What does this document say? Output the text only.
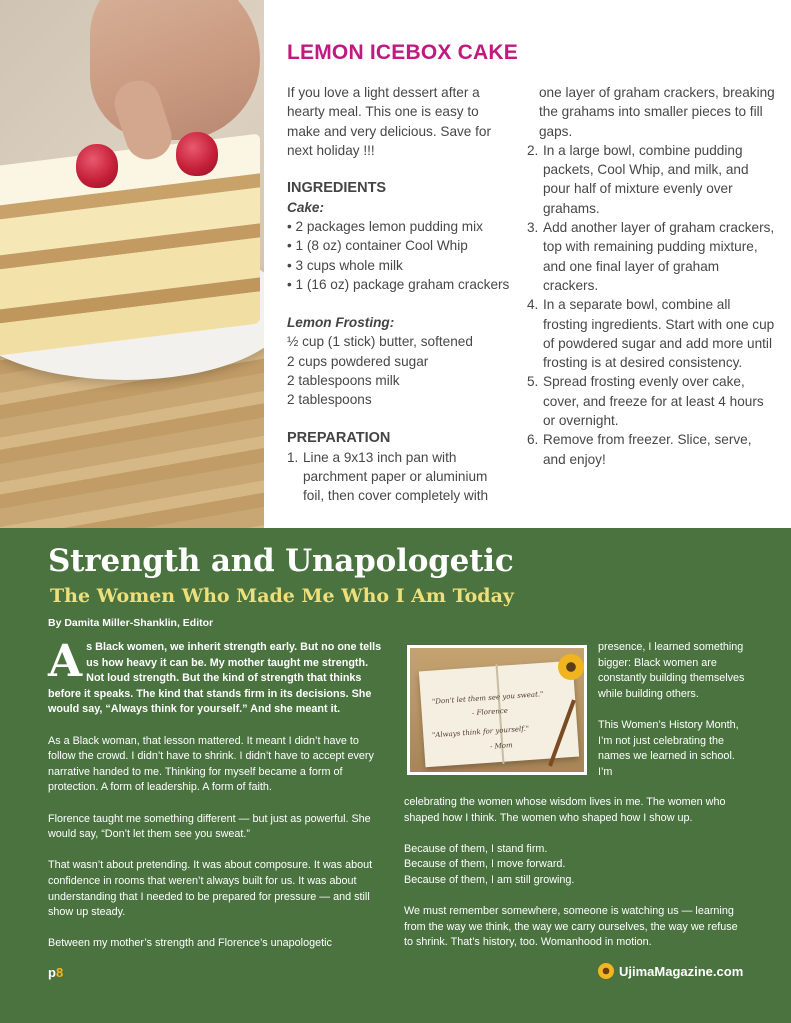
LEMON ICEBOX CAKE

If you love a light dessert after a hearty meal. This one is easy to make and very delicious. Save for next holiday !!!

INGREDIENTS
Cake:
• 2 packages lemon pudding mix
• 1 (8 oz) container Cool Whip
• 3 cups whole milk
• 1 (16 oz) package graham crackers
Lemon Frosting:
½ cup (1 stick) butter, softened
2 cups powdered sugar
2 tablespoons milk
2 tablespoons
PREPARATION
1. Line a 9x13 inch pan with parchment paper or aluminium foil, then cover completely with
one layer of graham crackers, breaking the grahams into smaller pieces to fill gaps.
2. In a large bowl, combine pudding packets, Cool Whip, and milk, and pour half of mixture evenly over grahams.
3. Add another layer of graham crackers, top with remaining pudding mixture, and one final layer of graham crackers.
4. In a separate bowl, combine all frosting ingredients. Start with one cup of powdered sugar and add more until frosting is at desired consistency.
5. Spread frosting evenly over cake, cover, and freeze for at least 4 hours or overnight.
6. Remove from freezer. Slice, serve, and enjoy!
Strength and Unapologetic
The Women Who Made Me Who I Am Today
By Damita Miller-Shanklin, Editor

As Black women, we inherit strength early. But no one tells us how heavy it can be. My mother taught me strength. Not loud strength. But the kind of strength that thinks before it speaks. The kind that stands firm in its decisions. She would say, “Always think for yourself.” And she meant it.

As a Black woman, that lesson mattered. It meant I didn’t have to follow the crowd. I didn’t have to shrink. I didn’t have to accept every narrative handed to me. Thinking for myself became a form of protection. A form of leadership. A form of faith.

Florence taught me something different — but just as powerful. She would say, “Don’t let them see you sweat.”

That wasn’t about pretending. It was about composure. It was about confidence in rooms that weren’t always built for us. It was about understanding that I needed to be prepared for pressure — and still show up steady.

Between my mother’s strength and Florence’s unapologetic

"Don't let them see you sweat."
- Florence
"Always think for yourself."
- Mom

presence, I learned something bigger: Black women are constantly building themselves while building others.

This Women’s History Month, I’m not just celebrating the names we learned in school. I’m

celebrating the women whose wisdom lives in me. The women who shaped how I think. The women who shaped how I show up.

Because of them, I stand firm.
Because of them, I move forward.

Because of them, I am still growing.

We must remember somewhere, someone is watching us — learning from the way we think, the way we carry ourselves, the way we refuse to shrink. That’s history, too. Womanhood in motion.

p8	UjimaMagazine.com
